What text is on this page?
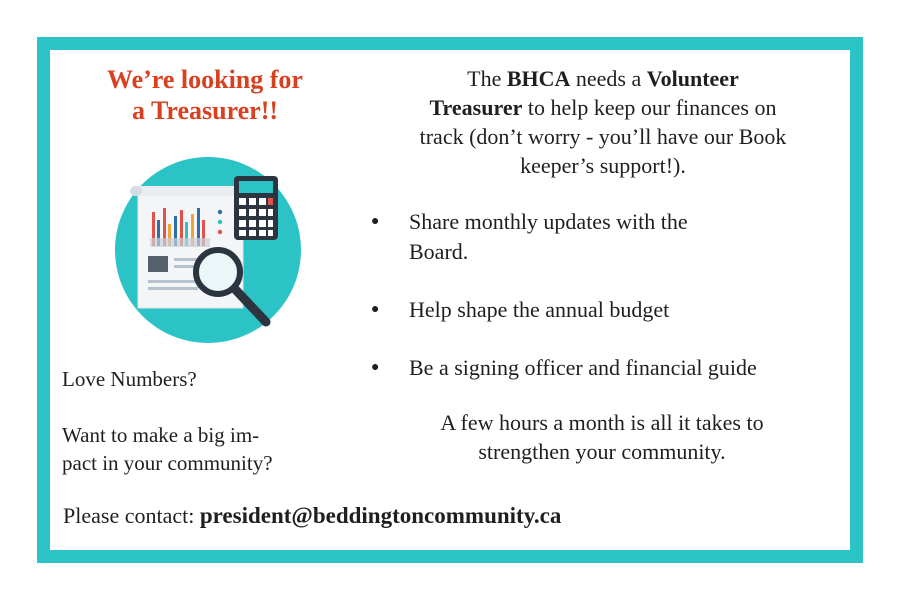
We’re looking for
a Treasurer!!
Love Numbers?
Want to make a big im-
pact in your community?
The BHCA needs a Volunteer
Treasurer to help keep our finances on
track (don’t worry - you’ll have our Book
keeper’s support!).
● Share monthly updates with the
Board.
● Help shape the annual budget
● Be a signing officer and financial guide
A few hours a month is all it takes to
strengthen your community.
Please contact: president@beddingtoncommunity.ca
